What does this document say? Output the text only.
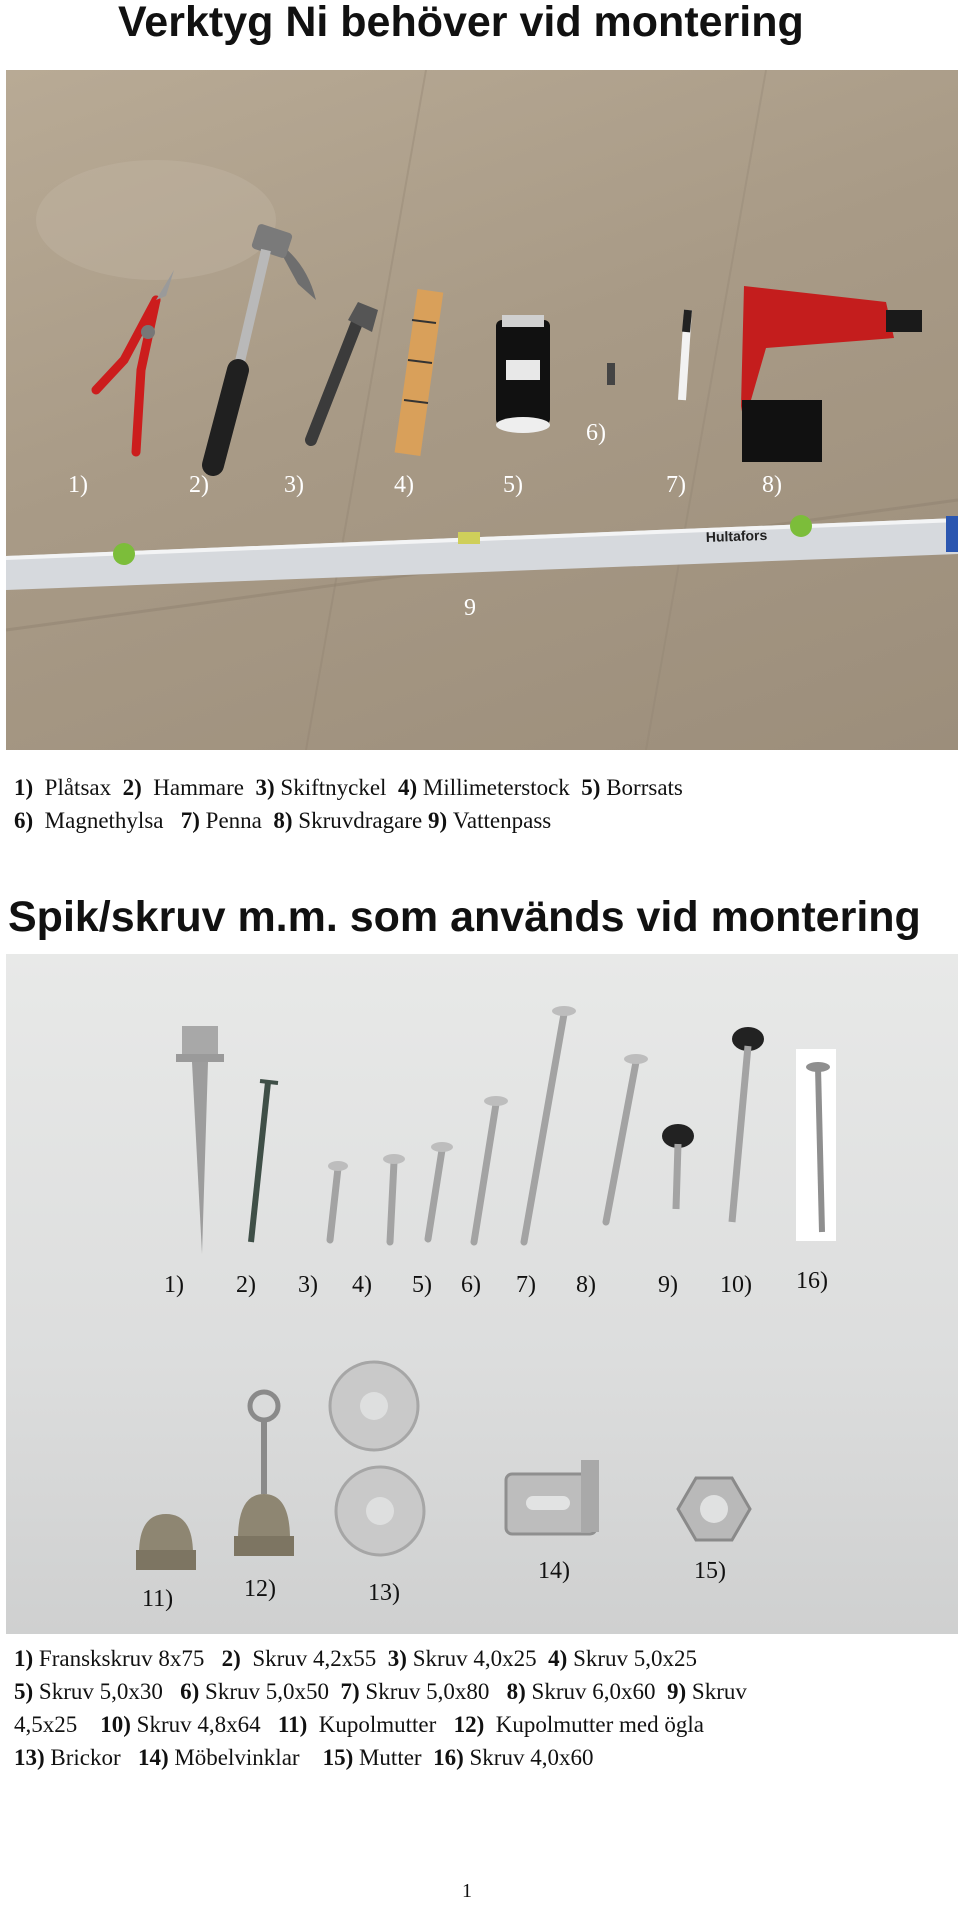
Verktyg Ni behöver vid montering
Hultafors
1)	2)	3)	4)	5)
6)
7)	8)
9
1) Plåtsax 2) Hammare 3) Skiftnyckel 4) Millimeterstock 5) Borrsats
6) Magnethylsa 7) Penna 8) Skruvdragare 9) Vattenpass
Spik/skruv m.m. som används vid montering
1) 2) 3) 4) 5) 6) 7) 8)	9) 10) 16)
11)	12)	13)
14)	15)
1) Franskskruv 8x75 2) Skruv 4,2x55 3) Skruv 4,0x25 4) Skruv 5,0x25
5) Skruv 5,0x30 6) Skruv 5,0x50 7) Skruv 5,0x80 8) Skruv 6,0x60 9) Skruv
4,5x25 10) Skruv 4,8x64 11) Kupolmutter 12) Kupolmutter med ögla
13) Brickor 14) Möbelvinklar 15) Mutter 16) Skruv 4,0x60
1
